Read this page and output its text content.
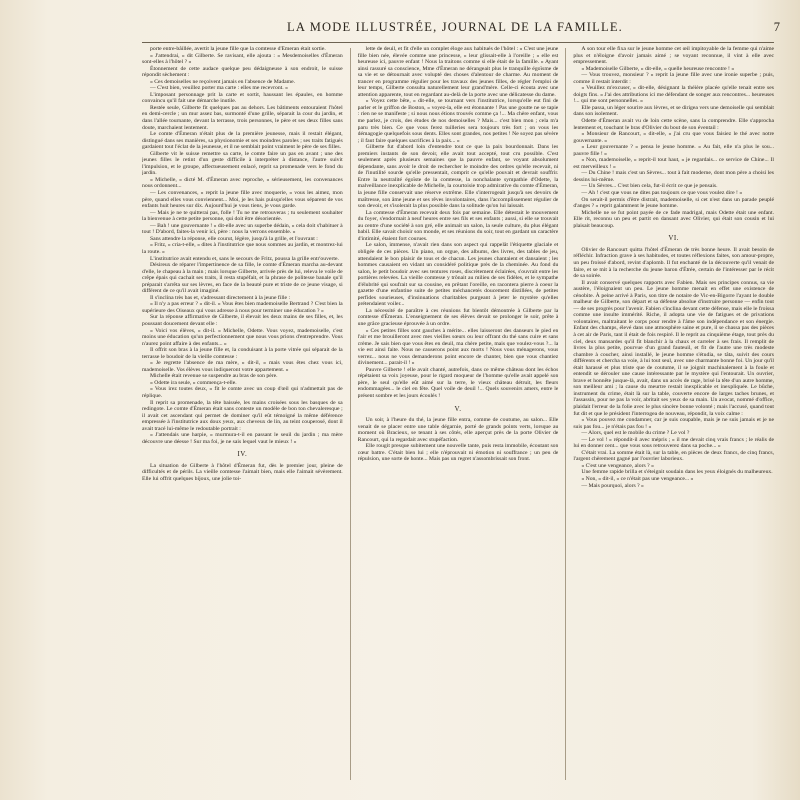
LA MODE ILLUSTRÉE, JOURNAL DE LA FAMILLE.	7

porte entre-bâillée, avertit la jeune fille que la comtesse d'Émeran était sortie.

« J'attendrai, » dit Gilberte. Se ravisant, elle ajouta : « Mesdemoiselles d'Émeran sont-elles à l'hôtel ? »

Étonnement de cette audace quelque peu dédaigneuse à son endroit, le suisse répondit sèchement :

« Ces demoiselles ne reçoivent jamais en l'absence de Madame.

— C'est bien, veuillez porter ma carte : elles me recevront. »

L'imposant personnage prit la carte et sortit, haussant les épaules, en homme convaincu qu'il fait une démarche inutile.

Restée seule, Gilberte fit quelques pas au dehors. Les bâtiments entouraient l'hôtel en demi-cercle ; un mur assez bas, surmonté d'une grille, séparait la cour du jardin, et dans l'allée tournante, devant la terrasse, trois personnes, le père et ses deux filles sans doute, marchaient lentement.

Le comte d'Émeran n'était plus de la première jeunesse, mais il restait élégant, distingué dans ses manières, sa physionomie et ses moindres paroles ; ses traits fatigués gardaient tout l'éclat de la jeunesse, et il ne semblait point vraiment le père de ses filles.

Gilberte vit le suisse remettre sa carte, le comte faire un pas en avant ; une des jeunes filles le retint d'un geste difficile à interpréter à distance, l'autre suivit l'impulsion, et le groupe, affectueusement enlacé, reprit sa promenade vers le fond du jardin.

« Michelle, » dicté M. d'Émeran avec reproche, « sérieusement, les convenances nous ordonnent...

— Les convenances, » reprit la jeune fille avec moquerie, « vous les aimez, mon père, quand elles vous conviennent... Moi, je les hais puisqu'elles vous séparent de vos enfants huit heures sur dix. Aujourd'hui je vous tiens, je vous garde.

— Mais je ne te quitterai pas, folle ! Tu ne me retrouveras ; tu seulement souhaiter la bienvenue à cette petite personne, qui doit être désorientée.

— Bah ! une gouvernante ! » dit-elle avec un superbe dédain, « cela doit s'habituer à tout ! D'abord, faites-la venir ici, père : nous la verrons ensemble. »

Sans attendre la réponse, elle courut, légère, jusqu'à la grille, et l'ouvrant :

« Fritz, » cria-t-elle, « dites à l'institutrice que nous sommes au jardin, et montrez-lui la route. »

L'institutrice avait entendu et, sans le secours de Fritz, poussa la grille entr'ouverte.

Désireux de réparer l'impertinence de sa fille, le comte d'Émeran marcha au-devant d'elle, le chapeau à la main ; mais lorsque Gilberte, arrivée près de lui, releva le voile de crêpe épais qui cachait ses traits, il resta stupéfait, et la phrase de politesse banale qu'il préparait s'arrêta sur ses lèvres, en face de la beauté pure et triste de ce jeune visage, si différent de ce qu'il avait imaginé.

Il s'inclina très bas et, s'adressant directement à la jeune fille :

« Il n'y a pas erreur ? » dit-il. « Vous êtes bien mademoiselle Bertrand ? C'est bien la supérieure des Oiseaux qui vous adresse à nous pour terminer une éducation ? »

Sur la réponse affirmative de Gilberte, il élevait les deux mains de ses filles, et, les poussant doucement devant elle :

« Voici vos élèves, » dit-il. « Michelle, Odette. Vous voyez, mademoiselle, c'est moins une éducation qu'un perfectionnement que nous vous prions d'entreprendre. Vous n'aurez point affaire à des enfants... »

Il offrit son bras à la jeune fille et, la conduisant à la porte vitrée qui séparait de la terrasse le boudoir de la vieille comtesse :

« Je regrette l'absence de ma mère, » dit-il, « mais vous êtes chez vous ici, mademoiselle. Vos élèves vous indiqueront votre appartement. »

Michelle était revenue se suspendre au bras de son père.

« Odette ira seule, » commença-t-elle.

« Vous irez toutes deux, » fit le comte avec un coup d'œil qui n'admettait pas de réplique.

Il reprit sa promenade, la tête baissée, les mains croisées sous les basques de sa redingote. Le comte d'Émeran était sans conteste un modèle de bon ton chevaleresque ; il avait cet ascendant qui permet de dominer qu'il eût témoigné la même déférence empressée à l'institutrice aux doux yeux, aux cheveux de lin, au teint couperosé, dont il avait tracé lui-même le redoutable portrait :

« J'attendais une harpie, » murmura-t-il en passant le seuil du jardin ; ma mère découvre une déesse ! Sur ma foi, je ne sais lequel vaut le mieux ! »

IV.

La situation de Gilberte à l'hôtel d'Émeran fut, dès le premier jour, pleine de difficultés et de périls. La vieille comtesse l'aimait bien, mais elle l'aimait sévèrement. Elle lui offrit quelques bijoux, une jolie toi-

lette de deuil, et fit d'elle un complet éloge aux habitués de l'hôtel : « C'est une jeune fille bien née, élevée comme une princesse, » leur glissait-elle à l'oreille ; « elle est heureuse ici, pauvre enfant ! Nous la traitons comme si elle était de la famille. » Ayant ainsi rassuré sa conscience, Mme d'Émeran ne dérangeait plus le tranquille égoïsme de sa vie et se détournait avec volupté des choses d'alentour de charme. Au moment de trancer en programme régulier pour les travaux des jeunes filles, de régler l'emploi de leur temps, Gilberte consulta naturellement leur grand'mère. Celle-ci écouta avec une attention apparente, tout en regardant au-delà de la porte avec une délicatesse du dame.

« Voyez cette bête, » dit-elle, se tournant vers l'institutrice, lorsqu'elle eut fini de parler et le griffon de Boston, « voyez-la, elle est étonnante ! Pas une goutte ne se tapie : rien ne se manifeste ; si nous nous étions trouvés comme ça !... Ma chère enfant, vous me parlez, je crois, des études de nos demoiselles ? Mais... c'est bien mon ; cela m'a paru très bien. Ce que vous ferez tuilleries sera toujours très fort ; on vous les démagogie quelquefois sous dents. Elles sont grandes, nos petites ! Ne soyez pas sévère ; il faut faire quelques sacrifices à la paix... »

Gilberte fut d'abord loin d'entendre tout ce que la paix bourdonnait. Dans les premiers instants de son devoir, elle avait tout accepté, tout cru possible. C'est seulement après plusieurs semaines que la pauvre enfant, se voyant absolument dépendante, sans avoir le droit de rechercher le moindre des ordres qu'elle recevait, ni de l'inutilité sourde qu'elle pressentait, comprit ce qu'elle pouvait et devrait souffrir. Entre la neutralité égoïste de la comtesse, la nonchalante sympathie d'Odette, la malveillance inexplicable de Michelle, la courtoisie trop admirative du comte d'Émeran, la jeune fille conservait une réserve extrême. Elle s'interrogeait jusqu'à ses devoirs de maîtresse, son âme jeune et ses rêves involontaires, dans l'accomplissement régulier de son devoir, et s'isolerait la plus possible dans la solitude qu'on lui laissait.

La comtesse d'Émeran recevait deux fois par semaine. Elle détestait le mouvement du foyer, s'endormait à neuf heures entre ses fils et ses enfants ; aussi, si elle se trouvait au centre d'une société à son gré, elle animait un salon, la seule culture, du plus élégant babil. Elle savait choisir son monde, et ses réunions du soir, tout en gardant un caractère d'intimité, étaient fort courues.

Le salon, immense, n'avait rien dans son aspect qui rappelât l'étiquette glaciale et obligée de ces pièces. Un piano, un orgue, des albums, des livres, des tables de jeu, attendaient le bon plaisir de tous et de chacun. Les jeunes chantaient et dansaient ; les hommes causaient en vidant un considéré politique près de la cheminée. Au fond du salon, le petit boudoir avec ses tentures roses, discrètement éclairées, s'ouvrait entre les portières relevées. La vieille comtesse y trônait au milieu de ses fidèles, et le sympathe d'élubrité qui soufrait sur sa cousine, en prêtant l'oreille, en racontera pierre à coeur la gazette d'une enfantine suite de petites méchancetés doucement distillées, de petites perfides sourieuses, d'insinuations charitables purgeant à jeter le mystère qu'elles prétendaient voiler...

La nécessité de paraître à ces réunions fut bientôt démontrée à Gilberte par la comtesse d'Émeran. L'enseignement de ses élèves devait se prolonger le soir, prête à une grâce gracieuse éprouvée à un ordre.

« Ces petites filles sont gauches à mérite... elles laisseront des danseurs le pied en l'air et me brouilleront avec mes vieilles sœurs ou leur offrant du thé sans cuire et sans crème. Je sais bien que vous êtes en deuil, ma chère petite, mais que voulez-vous ?... la vie est ainsi faite. Nous ne causerons point aux morts ! Nous vous ménagerons, vous verrez... nous ne vous demanderons point encore de chanter, bien que vous chantiez divinement... parait-il ! »

Pauvre Gilberte ! elle avait chanté, autrefois, dans ce même château dont les échos répétaient sa voix joyeuse, pour le rigard moqueur de l'homme qu'elle avait appelé son père, le seul qu'elle eût aimé sur la terre, le vieux château détruit, les fleurs endommagées... le ciel en fête. Quel voile de deuil !... Quels souvenirs amers, entre le présent sombre et les jours écoulés !

V.

Un soir, à l'heure du thé, la jeune fille entra, comme de coutume, au salon... Elle venait de se placer entre une table dégarnie, porté de grands points verts, lorsque au moment où Bracieux, se tenant à ses côtés, elle aperçut près de la porte Olivier de Rancourt, qui la regardait avec stupéfaction.

Elle rougit presque subitement une nouvelle tante, puis resta immobile, écoutant son cœur battre. C'était bien lui ; elle n'éprouvait ni émotion ni souffrance ; un peu de répulsion, une sorte de honte... Mais pas un regret n'assombrissait son front.

À son tour elle fixa sur le jeune homme cet œil impitoyable de la femme qui n'aime plus et n'éloigne d'avoir jamais aimé ; se voyant reconnue, il vint à elle avec empressement.

« Mademoiselle Gilberte, » dit-elle, « quelle heureuse rencontre ! »

— Vous trouvez, monsieur ? » reprit la jeune fille avec une ironie superbe ; puis, comme il restait interdit :

« Veuillez m'excuser, » dit-elle, désignant la théière placée qu'elle tenait entre ses doigts fins. « J'ai des attributions ici me défendant de songer aux rencontres... heureuses !... qui me sont personnelles. »

Elle passa, un léger sourire aux lèvres, et se dirigea vers une demoiselle qui semblait dans son isolement.

Odette d'Émeran avait vu de loin cette scène, sans la comprendre. Elle s'approcha lentement et, touchant le bras d'Olivier du bout de son éventail :

« Monsieur de Rancourt, » dit-elle, « j'ai cru que vous faisiez le thé avec notre gouvernante. »

« Leur gouvernante ? » pensa le jeune homme. « Au fait, elle n'a plus le sou... pauvre fille ! »

« Non, mademoiselle, » reprit-il tout haut, « je regardais... ce service de Chine... Il est merveilleux ! »

— Du Chine ! mais c'est un Sèvres... tout à fait moderne, dont mon père a choisi les dessins lui-même.

— Un Sèvres... C'est bien cela, fut-il écrit ce que je pensais.

— Ah ! c'est que vous ne dites pas toujours ce que vous voulez dire ! »

On serait-il permis d'être distrait, mademoiselle, si cet n'est dans un parade peuplé d'anges ? » reprit galamment le jeune homme.

Michelle ne se fut point payée de ce fade madrigal, mais Odette était une enfant. Elle rit, reconnu un peu et partit en dansant avec Olivier, qui était son cousin et lui plaisait beaucoup.

VI.

Olivier de Rancourt quitta l'hôtel d'Émeran de très bonne heure. Il avait besoin de réfléchir. Infraction grave à ses habitudes, et toutes réflexions faites, son amour-propre, un peu froissé d'abord, revint d'aplomb. Il fut enchanté de la découverte qu'il venait de faire, et se mit à la recherche du jeune baron d'Étrée, certain de l'intéresser par le récit de sa soirée.

Il avait conservé quelques rapports avec Fabien. Mais ses principes connus, sa vie austère, l'éloignaient un peu. Le jeune homme menait en effet une existence de cénobite. À peine arrivé à Paris, son titre de notaire de Vic-en-Bigorre l'ayant le double malheur de Gilberte, son départ et sa défense absolue d'instruire personne — enfin tout — de ses progrès pour l'avenir. Fabien s'inclina devant cette défense, mais elle le froissa comme une insulte immérité. Riche, il adopta une vie de fatigues et de privations volontaires, maltraitant le corps pour rendre à l'âme son indépendance et son énergie. Enfant des champs, élevé dans une atmosphère saine et pure, il se chassa pas des pièces à cet air de Paris, tant il était de fois respiré. Il le reprit au cinquième étage, tout près du ciel, deux mansardes qu'il fit blanchir à la chaux et carreler à ses frais. Il remplit de livres la plus petite, pourvue d'un grand fauteuil, et fit de l'autre une très modeste chambre à coucher, ainsi installé, le jeune homme s'étudia, se tâta, suivit des cours différents et chercha sa voie, à lui tout seul, avec une charmante bonne foi. Un jour qu'il était harassé et plus triste que de coutume, il se joignit machinalement à la foule et entendit se dérouler une cause intéressante par le mystère qui l'entourait. Un ouvrier, brave et honnête jusque-là, avait, dans un accès de rage, brisé la tête d'un autre homme, son meilleur ami ; la cause du meurtre restait inexplicable et inexpliquée. Le bûche, instrument du crime, était là sur la table, couverte encore de larges taches brunes, et l'assassin, pour ne pas la voir, abritait ses yeux de sa main. Un avocat, nommé d'office, plaidait l'erreur de la folie avec le plus sincère bonne volonté ; mais l'accusé, quand tout fut dit et que le président l'interrogea de nouveau, répondit, la voix calme :

« Vous pouvez me condamner, car je suis coupable, mais je ne suis jamais et je ne suis pas fou... je n'étais pas fou ! »

— Alors, quel est le mobile du crime ? Le vol ?

— Le vol ! » répondit-il avec mépris ; « il me devait cinq vrais francs ; le réalis de lui en donner cent... que vous sous retrouverez dans sa poche... »

C'était vrai. La somme était là, sur la table, en pièces de deux francs, de cinq francs, l'argent chèrement gagné par l'ouvrier laborieux.

« C'est une vengeance, alors ? »

Une femme rapide brilla et s'éteignit soudain dans les yeux éloignés du malheureux.

« Non, » dit-il, « ce n'était pas une vengeance... »

— Mais pourquoi, alors ? »
